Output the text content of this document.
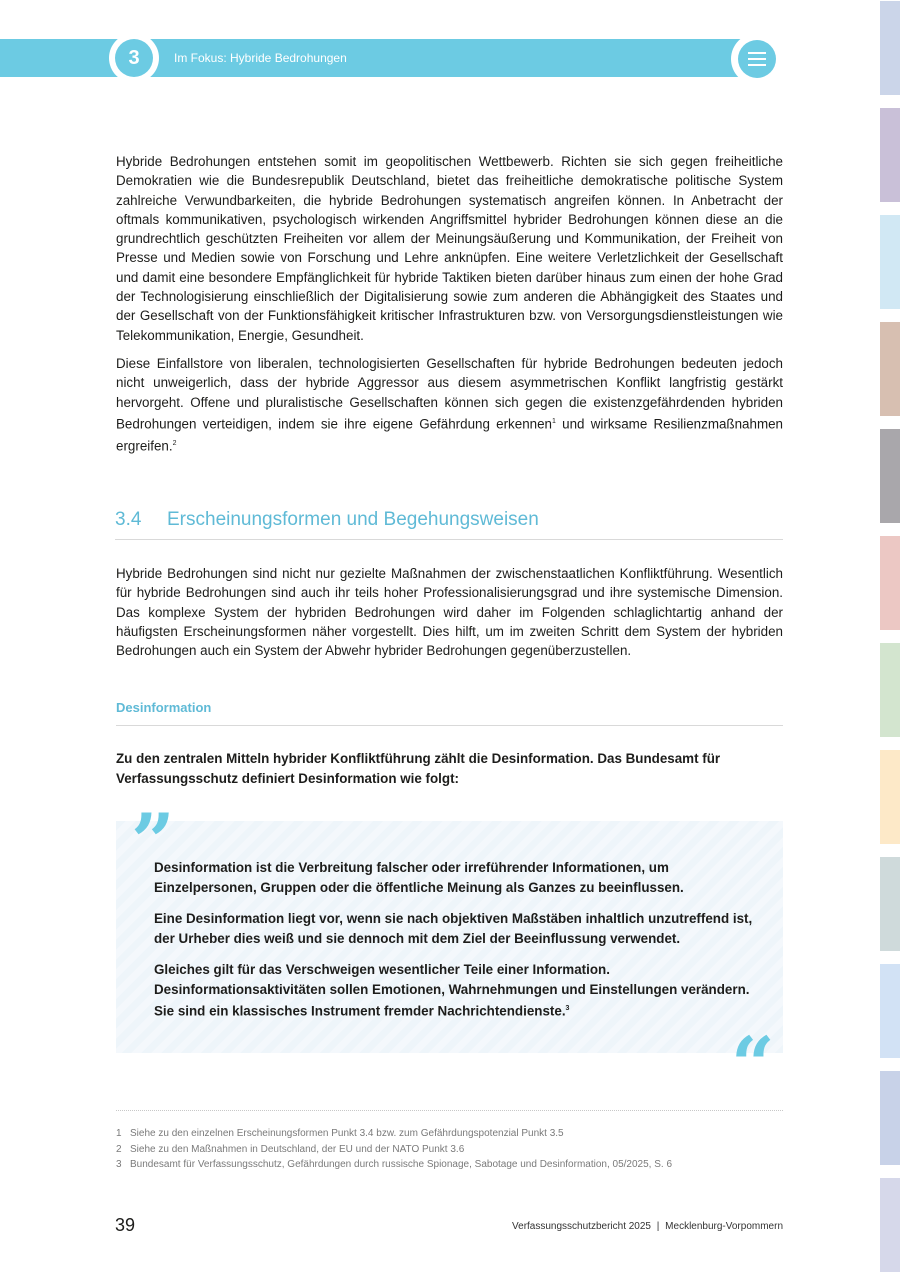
3	Im Fokus: Hybride Bedrohungen

Hybride Bedrohungen entstehen somit im geopolitischen Wettbewerb. Richten sie sich gegen freiheitliche Demokratien wie die Bundesrepublik Deutschland, bietet das freiheitliche demokratische politische System zahlreiche Verwundbarkeiten, die hybride Bedrohungen systematisch angreifen können. In Anbetracht der oftmals kommunikativen, psychologisch wirkenden Angriffsmittel hybrider Bedrohungen können diese an die grundrechtlich geschützten Freiheiten vor allem der Meinungsäußerung und Kommunikation, der Freiheit von Presse und Medien sowie von Forschung und Lehre anknüpfen. Eine weitere Verletzlichkeit der Gesellschaft und damit eine besondere Empfänglichkeit für hybride Taktiken bieten darüber hinaus zum einen der hohe Grad der Technologisierung einschließlich der Digitalisierung sowie zum anderen die Abhängigkeit des Staates und der Gesellschaft von der Funktionsfähigkeit kritischer Infrastrukturen bzw. von Versorgungsdienstleistungen wie Telekommunikation, Energie, Gesundheit.

Diese Einfallstore von liberalen, technologisierten Gesellschaften für hybride Bedrohungen bedeuten jedoch nicht unweigerlich, dass der hybride Aggressor aus diesem asymmetrischen Konflikt langfristig gestärkt hervorgeht. Offene und pluralistische Gesellschaften können sich gegen die existenzgefährdenden hybriden Bedrohungen verteidigen, indem sie ihre eigene Gefährdung erkennen$^1$ und wirksame Resilienzmaßnahmen ergreifen.$^2$

3.4 Erscheinungsformen und Begehungsweisen

Hybride Bedrohungen sind nicht nur gezielte Maßnahmen der zwischenstaatlichen Konfliktführung. Wesentlich für hybride Bedrohungen sind auch ihr teils hoher Professionalisierungsgrad und ihre systemische Dimension. Das komplexe System der hybriden Bedrohungen wird daher im Folgenden schlaglichtartig anhand der häufigsten Erscheinungsformen näher vorgestellt. Dies hilft, um im zweiten Schritt dem System der hybriden Bedrohungen auch ein System der Abwehr hybrider Bedrohungen gegenüberzustellen.

Desinformation

Zu den zentralen Mitteln hybrider Konfliktführung zählt die Desinformation. Das Bundesamt für Verfassungsschutz definiert Desinformation wie folgt:

”

Desinformation ist die Verbreitung falscher oder irreführender Informationen, um Einzelpersonen, Gruppen oder die öffentliche Meinung als Ganzes zu beeinflussen.

Eine Desinformation liegt vor, wenn sie nach objektiven Maßstäben inhaltlich unzutreffend ist, der Urheber dies weiß und sie dennoch mit dem Ziel der Beeinflussung verwendet.

Gleiches gilt für das Verschweigen wesentlicher Teile einer Information. Desinformationsaktivitäten sollen Emotionen, Wahrnehmungen und Einstellungen verändern. Sie sind ein klassisches Instrument fremder Nachrichtendienste.$^3$

“
1 Siehe zu den einzelnen Erscheinungsformen Punkt 3.4 bzw. zum Gefährdungspotenzial Punkt 3.5
2 Siehe zu den Maßnahmen in Deutschland, der EU und der NATO Punkt 3.6
3 Bundesamt für Verfassungsschutz, Gefährdungen durch russische Spionage, Sabotage und Desinformation, 05/2025, S. 6
39	Verfassungsschutzbericht 2025 | Mecklenburg-Vorpommern
